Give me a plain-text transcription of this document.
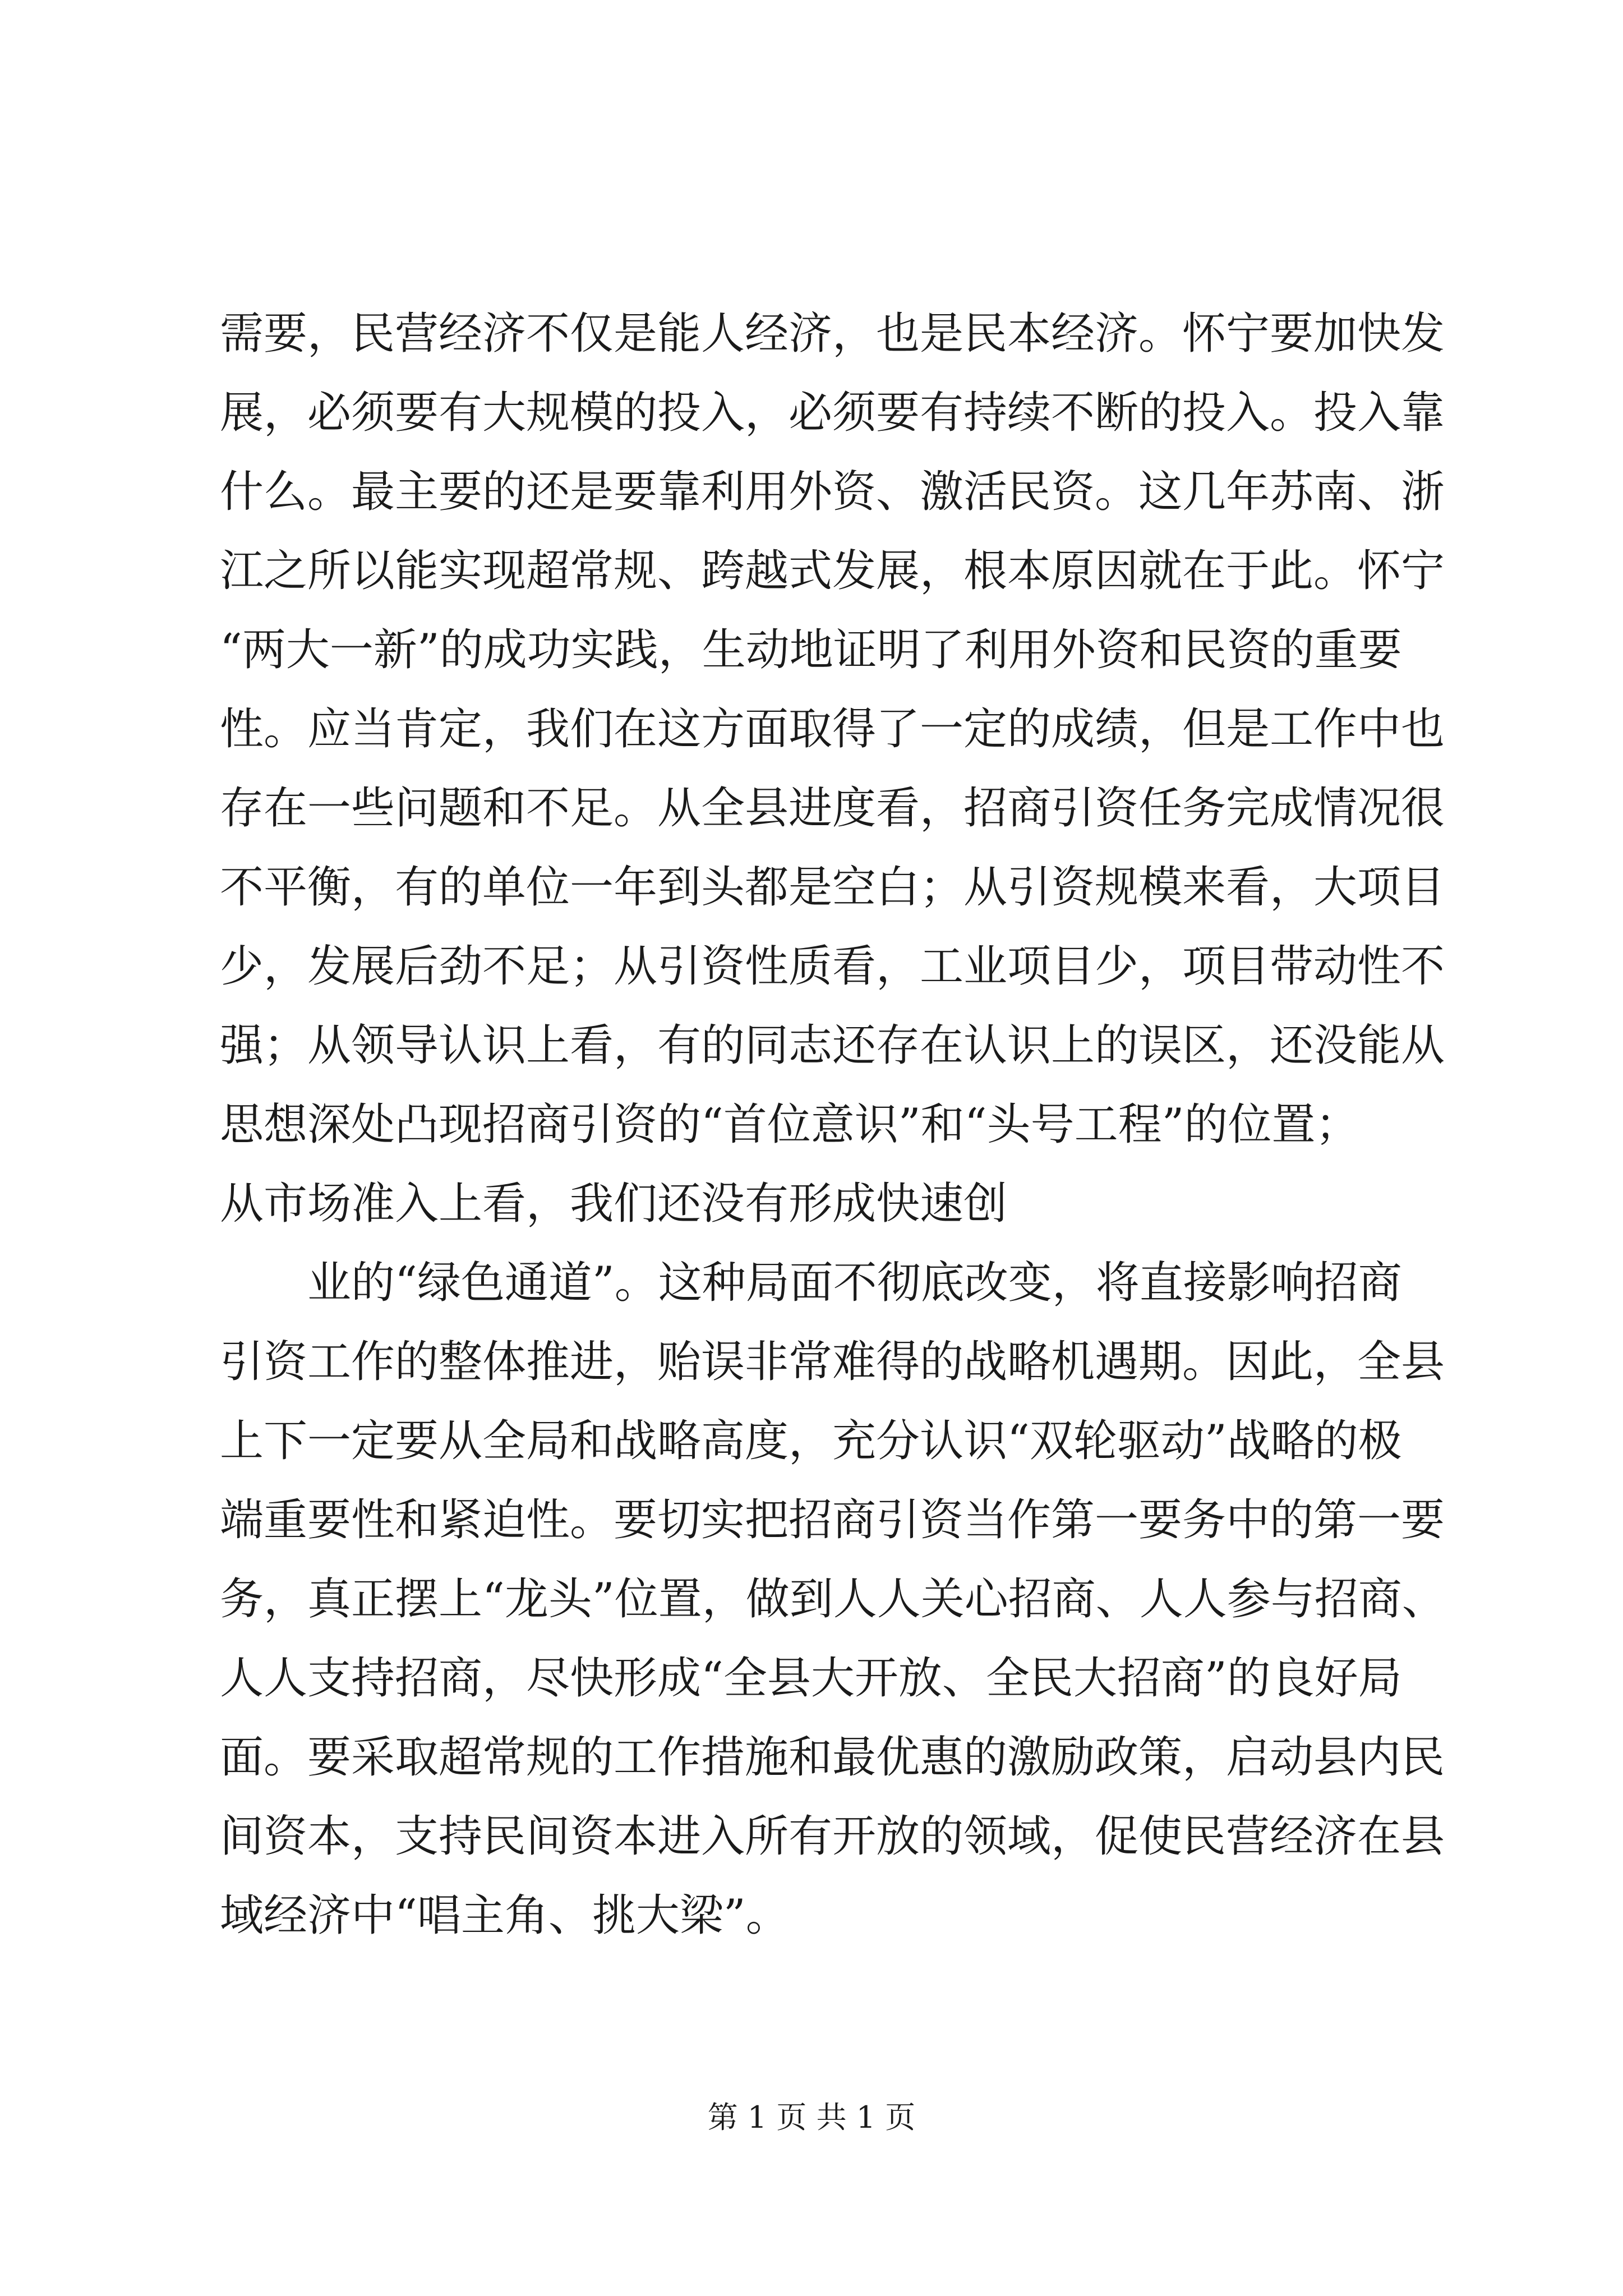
需要，民营经济不仅是能人经济，也是民本经济。怀宁要加快发
展，必须要有大规模的投入，必须要有持续不断的投入。投入靠
什么。最主要的还是要靠利用外资、激活民资。这几年苏南、浙
江之所以能实现超常规、跨越式发展，根本原因就在于此。怀宁
“两大一新”的成功实践，生动地证明了利用外资和民资的重要
性。应当肯定，我们在这方面取得了一定的成绩，但是工作中也
存在一些问题和不足。从全县进度看，招商引资任务完成情况很
不平衡，有的单位一年到头都是空白；从引资规模来看，大项目
少，发展后劲不足；从引资性质看，工业项目少，项目带动性不
强；从领导认识上看，有的同志还存在认识上的误区，还没能从
思想深处凸现招商引资的“首位意识”和“头号工程”的位置；
从市场准入上看，我们还没有形成快速创
业的“绿色通道”。这种局面不彻底改变，将直接影响招商
引资工作的整体推进，贻误非常难得的战略机遇期。因此，全县
上下一定要从全局和战略高度，充分认识“双轮驱动”战略的极
端重要性和紧迫性。要切实把招商引资当作第一要务中的第一要
务，真正摆上“龙头”位置，做到人人关心招商、人人参与招商、
人人支持招商，尽快形成“全县大开放、全民大招商”的良好局
面。要采取超常规的工作措施和最优惠的激励政策，启动县内民
间资本，支持民间资本进入所有开放的领域，促使民营经济在县
域经济中“唱主角、挑大梁”。
第 1 页 共 1 页
